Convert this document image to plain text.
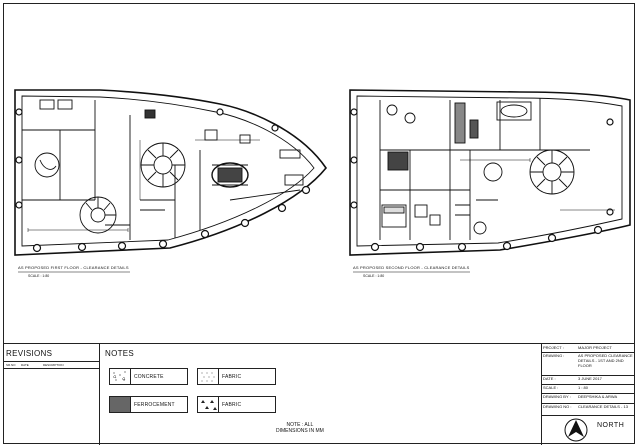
AS PROPOSED FIRST FLOOR - CLEARANCE DETAILS
SCALE : 1:80
AS PROPOSED SECOND FLOOR - CLEARANCE DETAILS
SCALE : 1:80
REVISIONS
SR.NO DATE	DESCRIPTION
NOTES
CONCRETE	FABRIC
FERROCEMENT	FABRIC
NOTE : ALL
DIMENSIONS IN MM
PROJECT :	MAJOR PROJECT
DRAWING :	AS PROPOSED CLEARANCE DETAILS - 1ST AND 2ND FLOOR
DATE :	3 JUNE 2017
SCALE :	1 : 80
DRAWING BY : DEEPSHIKA & ARWA
DRAWING NO : CLEARANCE DETAILS - 13
NORTH
